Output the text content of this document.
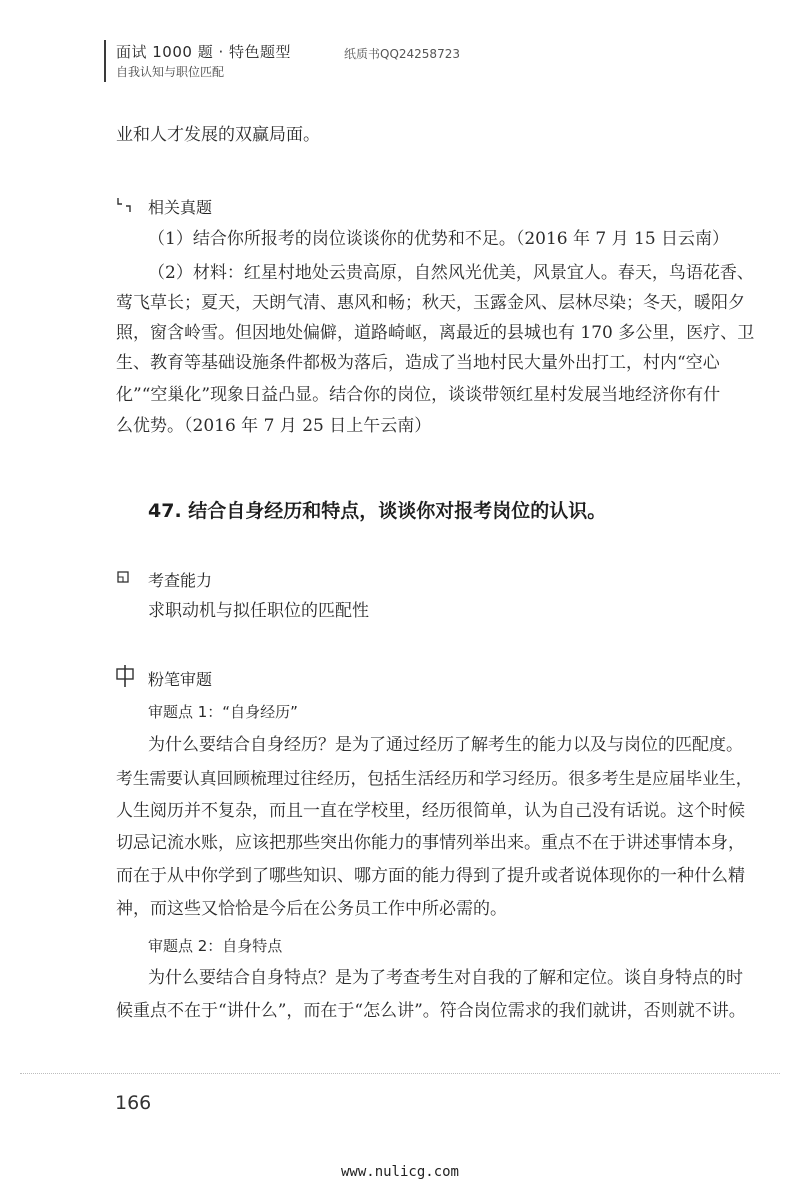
面试 1000 题 · 特色题型
自我认知与职位匹配
纸质书QQ24258723
业和人才发展的双赢局面。
相关真题
（1）结合你所报考的岗位谈谈你的优势和不足。（2016 年 7 月 15 日云南）
（2）材料：红星村地处云贵高原，自然风光优美，风景宜人。春天，鸟语花香、
莺飞草长；夏天，天朗气清、惠风和畅；秋天，玉露金风、层林尽染；冬天，暖阳夕
照，窗含岭雪。但因地处偏僻，道路崎岖，离最近的县城也有 170 多公里，医疗、卫
生、教育等基础设施条件都极为落后，造成了当地村民大量外出打工，村内“空心
化”“空巢化”现象日益凸显。结合你的岗位，谈谈带领红星村发展当地经济你有什
么优势。（2016 年 7 月 25 日上午云南）
47. 结合自身经历和特点，谈谈你对报考岗位的认识。
考查能力
求职动机与拟任职位的匹配性
粉笔审题
审题点 1：“自身经历”
为什么要结合自身经历？是为了通过经历了解考生的能力以及与岗位的匹配度。
考生需要认真回顾梳理过往经历，包括生活经历和学习经历。很多考生是应届毕业生，
人生阅历并不复杂，而且一直在学校里，经历很简单，认为自己没有话说。这个时候
切忌记流水账，应该把那些突出你能力的事情列举出来。重点不在于讲述事情本身，
而在于从中你学到了哪些知识、哪方面的能力得到了提升或者说体现你的一种什么精
神，而这些又恰恰是今后在公务员工作中所必需的。
审题点 2：自身特点
为什么要结合自身特点？是为了考查考生对自我的了解和定位。谈自身特点的时
候重点不在于“讲什么”，而在于“怎么讲”。符合岗位需求的我们就讲，否则就不讲。
166
www.nulicg.com
